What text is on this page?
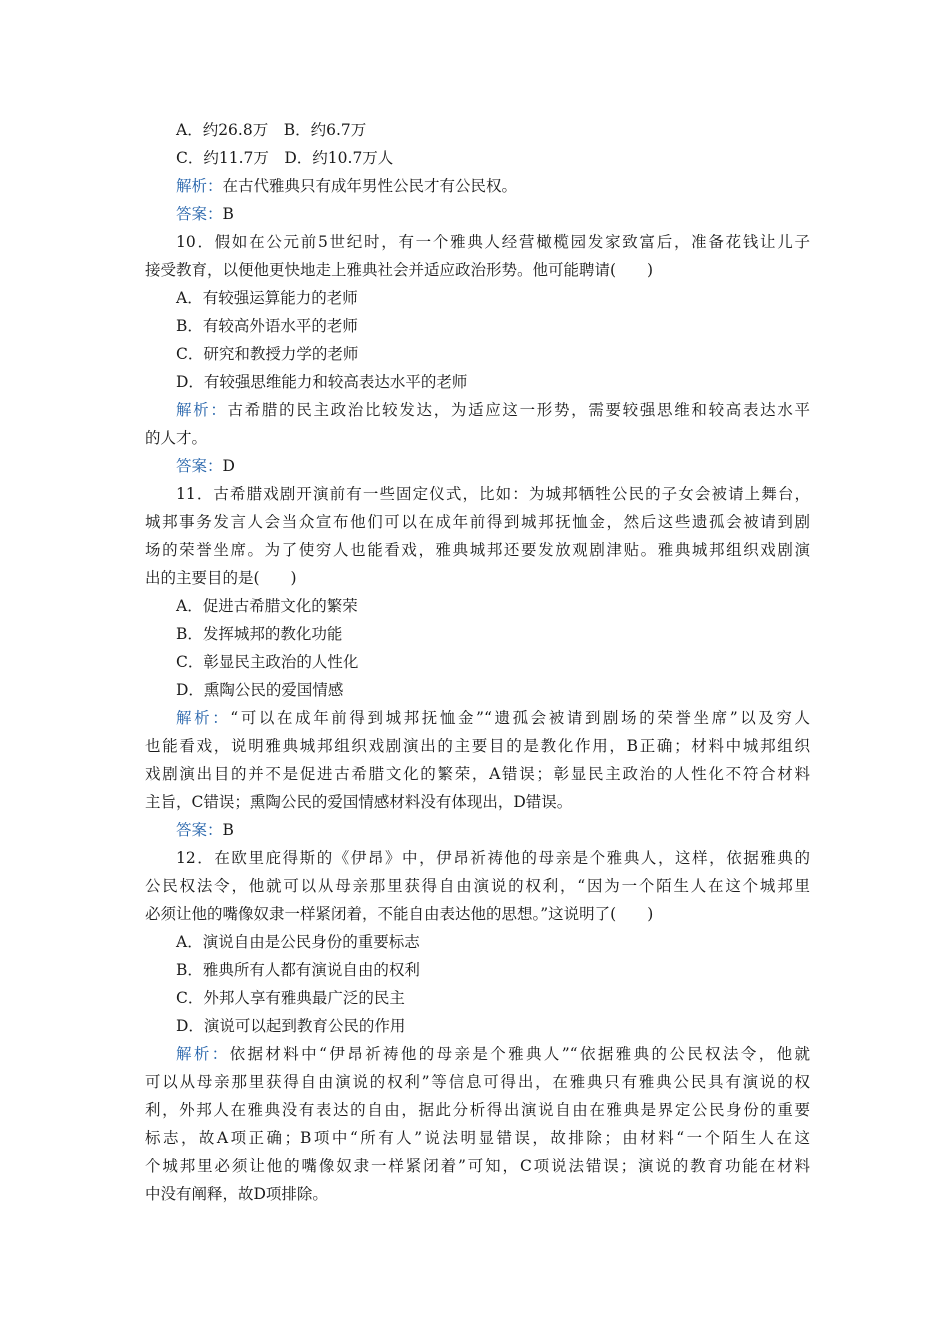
A．约26.8万　B．约6.7万
C．约11.7万　D．约10.7万人
解析：在古代雅典只有成年男性公民才有公民权。
答案：B
10．假如在公元前5世纪时，有一个雅典人经营橄榄园发家致富后，准备花钱让儿子
接受教育，以便他更快地走上雅典社会并适应政治形势。他可能聘请(　　)
A．有较强运算能力的老师
B．有较高外语水平的老师
C．研究和教授力学的老师
D．有较强思维能力和较高表达水平的老师
解析：古希腊的民主政治比较发达，为适应这一形势，需要较强思维和较高表达水平
的人才。
答案：D
11．古希腊戏剧开演前有一些固定仪式，比如：为城邦牺牲公民的子女会被请上舞台，
城邦事务发言人会当众宣布他们可以在成年前得到城邦抚恤金，然后这些遗孤会被请到剧
场的荣誉坐席。为了使穷人也能看戏，雅典城邦还要发放观剧津贴。雅典城邦组织戏剧演
出的主要目的是(　　)
A．促进古希腊文化的繁荣
B．发挥城邦的教化功能
C．彰显民主政治的人性化
D．熏陶公民的爱国情感
解析：“可以在成年前得到城邦抚恤金”“遗孤会被请到剧场的荣誉坐席”以及穷人
也能看戏，说明雅典城邦组织戏剧演出的主要目的是教化作用，B正确；材料中城邦组织
戏剧演出目的并不是促进古希腊文化的繁荣，A错误；彰显民主政治的人性化不符合材料
主旨，C错误；熏陶公民的爱国情感材料没有体现出，D错误。
答案：B
12．在欧里庇得斯的《伊昂》中，伊昂祈祷他的母亲是个雅典人，这样，依据雅典的
公民权法令，他就可以从母亲那里获得自由演说的权利，“因为一个陌生人在这个城邦里
必须让他的嘴像奴隶一样紧闭着，不能自由表达他的思想。”这说明了(　　)
A．演说自由是公民身份的重要标志
B．雅典所有人都有演说自由的权利
C．外邦人享有雅典最广泛的民主
D．演说可以起到教育公民的作用
解析：依据材料中“伊昂祈祷他的母亲是个雅典人”“依据雅典的公民权法令，他就
可以从母亲那里获得自由演说的权利”等信息可得出，在雅典只有雅典公民具有演说的权
利，外邦人在雅典没有表达的自由，据此分析得出演说自由在雅典是界定公民身份的重要
标志，故A项正确；B项中“所有人”说法明显错误，故排除；由材料“一个陌生人在这
个城邦里必须让他的嘴像奴隶一样紧闭着”可知，C项说法错误；演说的教育功能在材料
中没有阐释，故D项排除。
